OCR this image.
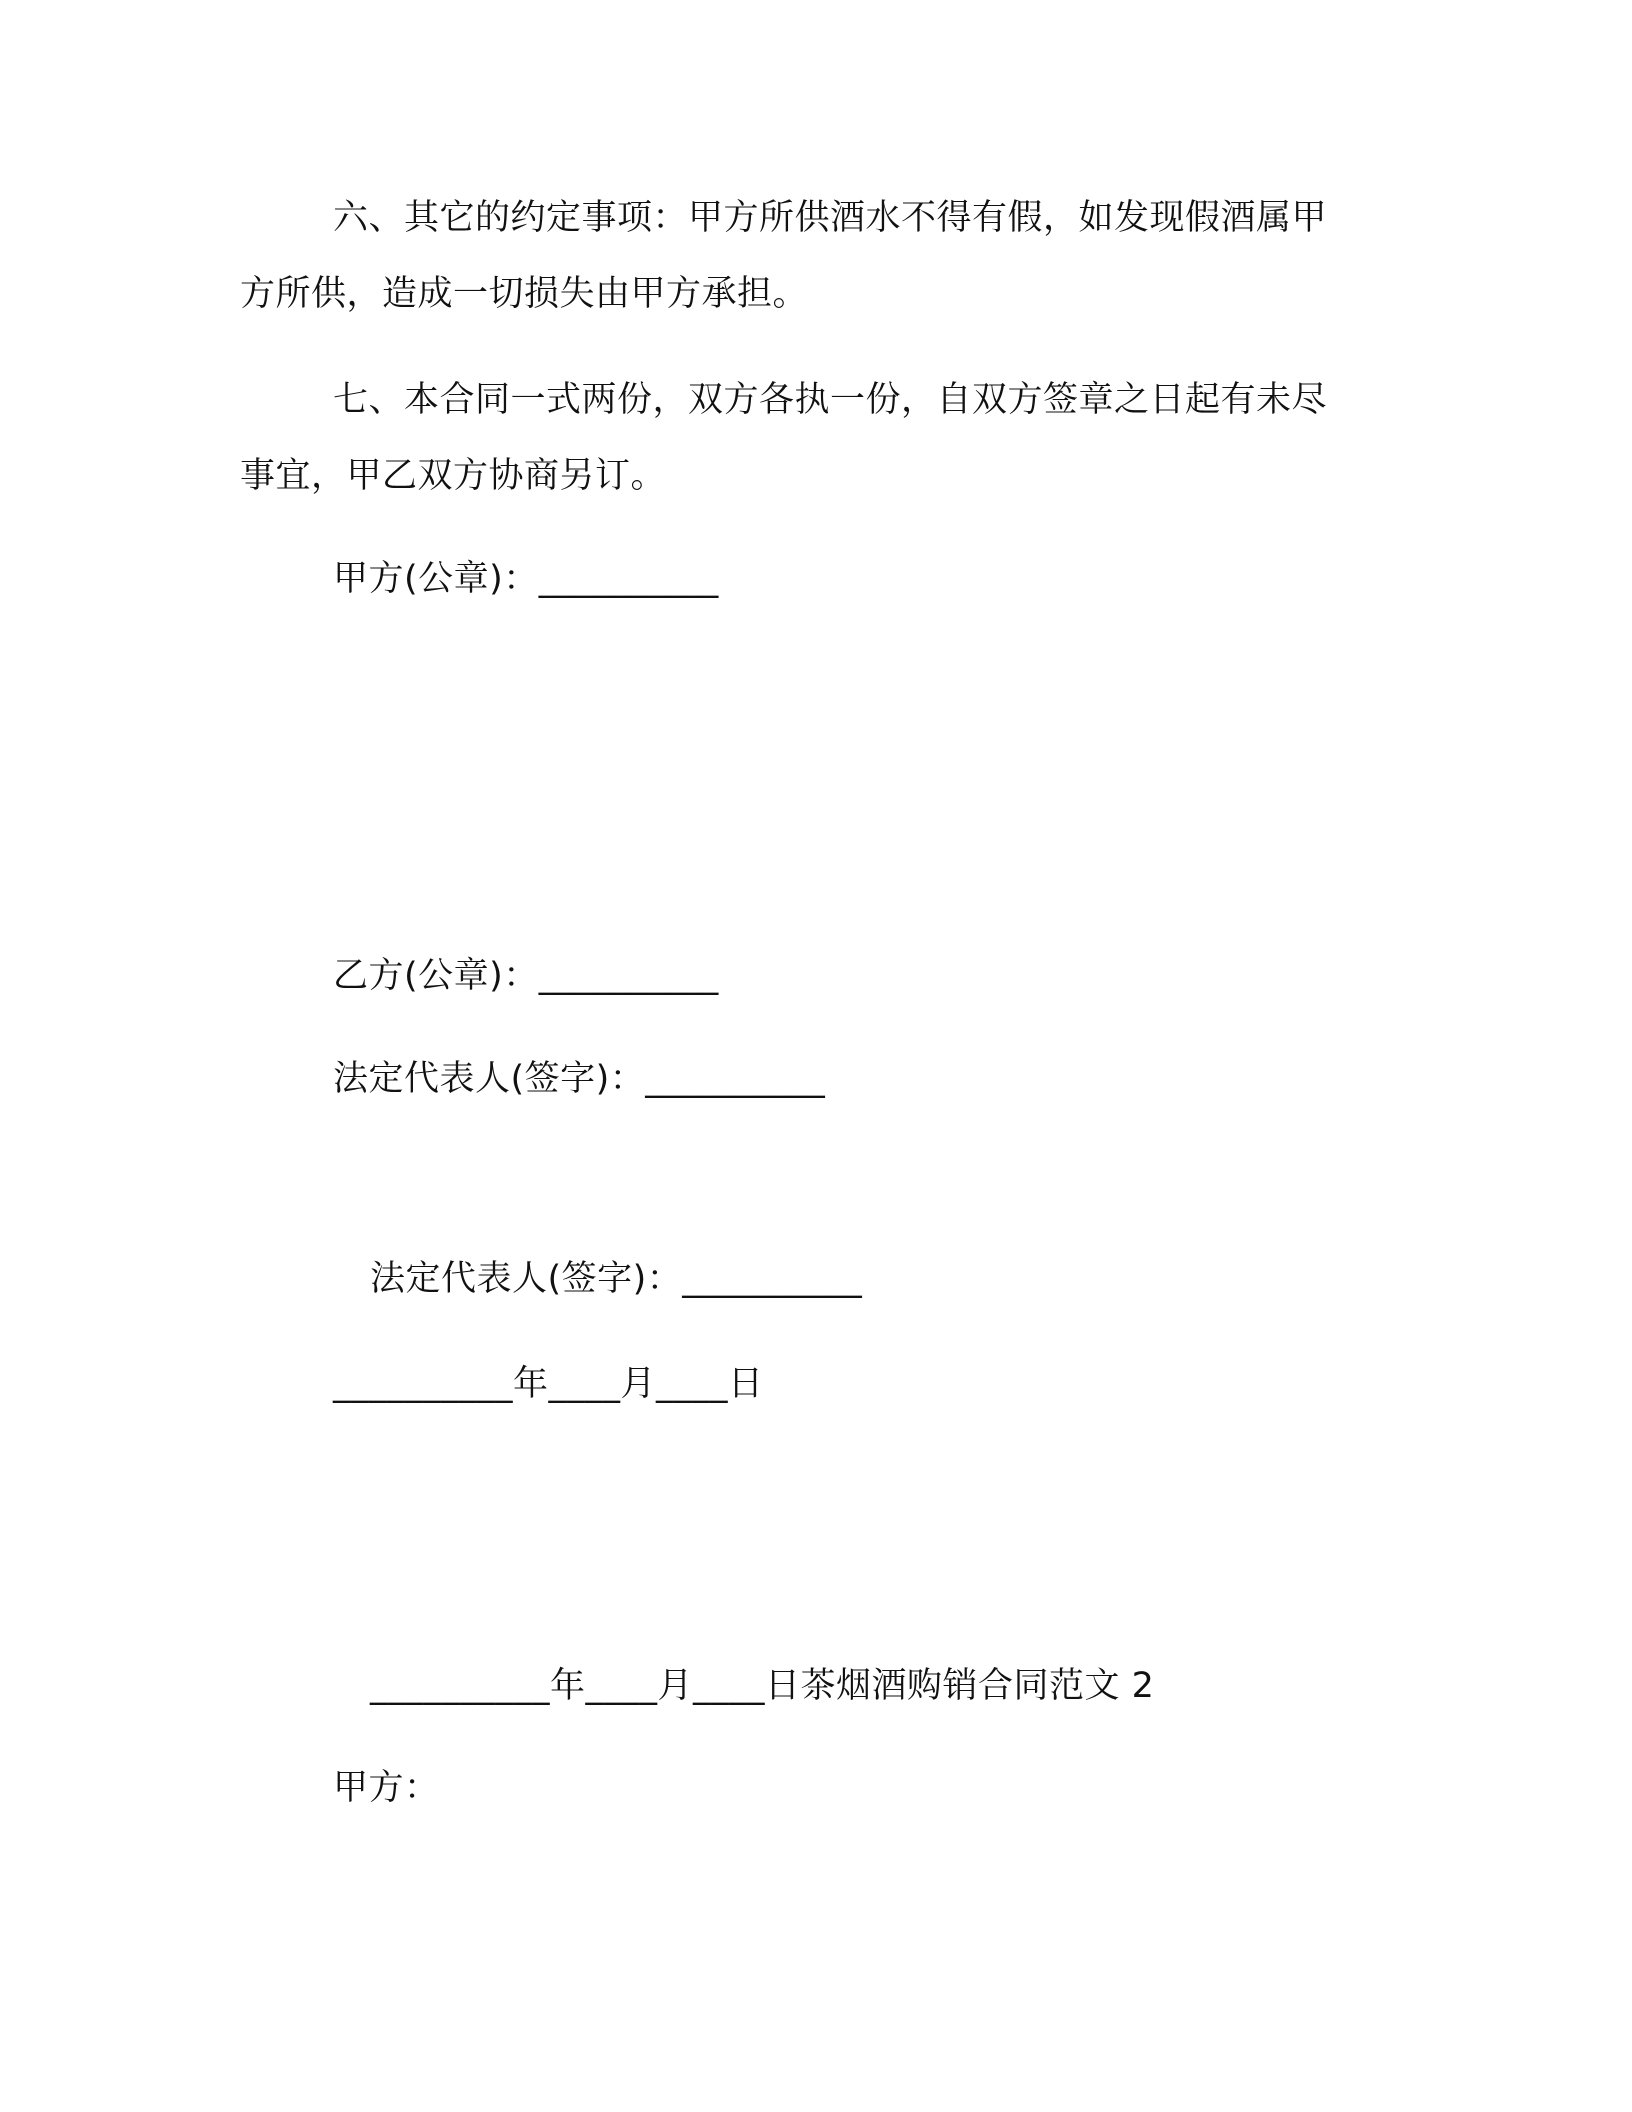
六、其它的约定事项：甲方所供酒水不得有假，如发现假酒属甲
方所供，造成一切损失由甲方承担。
七、本合同一式两份，双方各执一份，自双方签章之日起有未尽
事宜，甲乙双方协商另订。
甲方(公章)：__________
乙方(公章)：__________
法定代表人(签字)：__________
法定代表人(签字)：__________
__________年____月____日
__________年____月____日茶烟酒购销合同范文 2
甲方：
